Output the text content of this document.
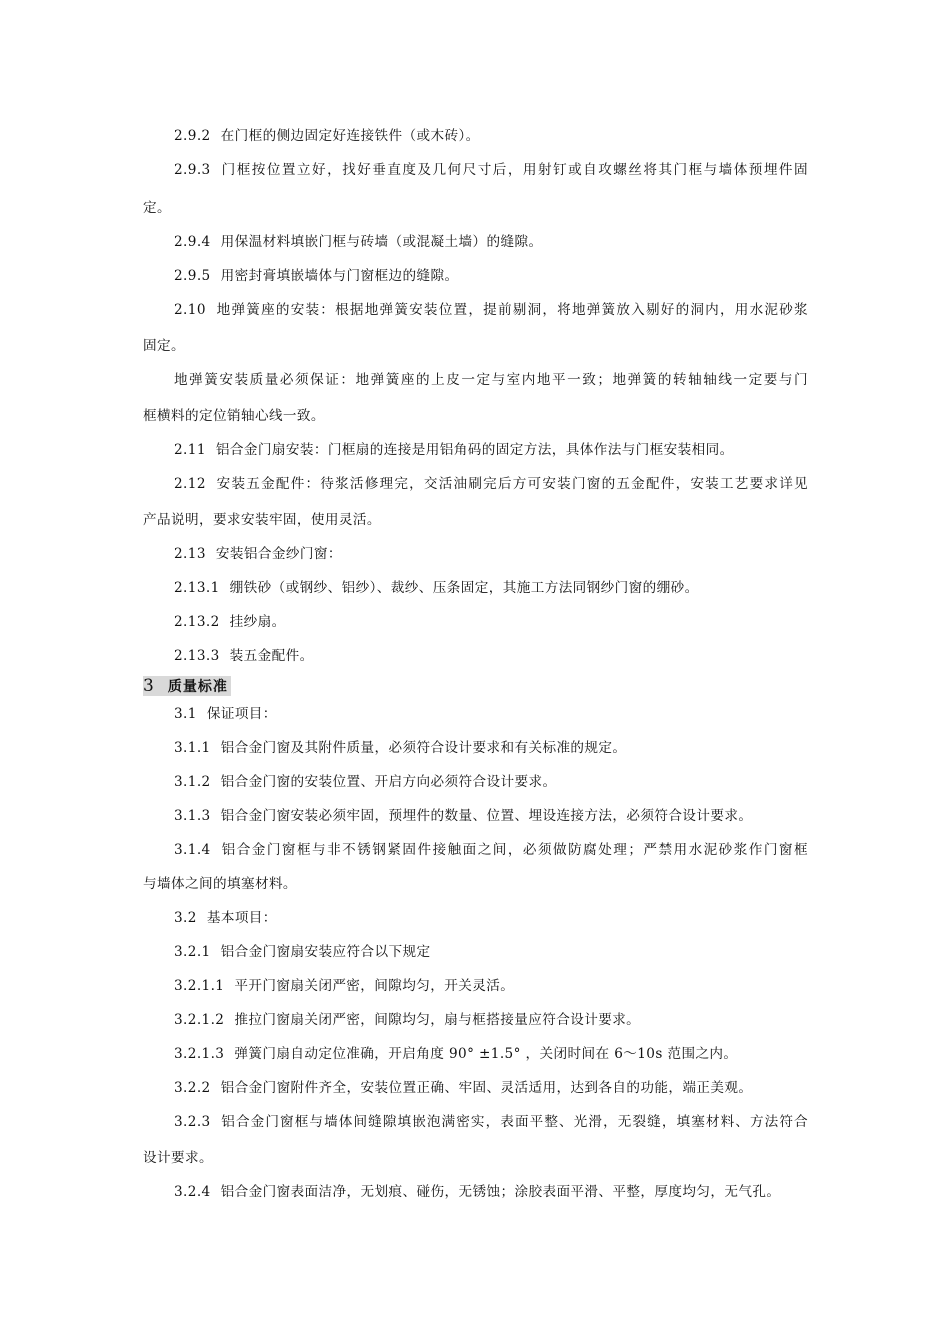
2.9.2 在门框的侧边固定好连接铁件（或木砖）。
2.9.3 门框按位置立好，找好垂直度及几何尺寸后，用射钉或自攻螺丝将其门框与墙体预埋件固
定。
2.9.4 用保温材料填嵌门框与砖墙（或混凝土墙）的缝隙。
2.9.5 用密封膏填嵌墙体与门窗框边的缝隙。
2.10 地弹簧座的安装：根据地弹簧安装位置，提前剔洞，将地弹簧放入剔好的洞内，用水泥砂浆
固定。
地弹簧安装质量必须保证：地弹簧座的上皮一定与室内地平一致；地弹簧的转轴轴线一定要与门
框横料的定位销轴心线一致。
2.11 铝合金门扇安装：门框扇的连接是用铝角码的固定方法，具体作法与门框安装相同。
2.12 安装五金配件：待浆活修理完，交活油刷完后方可安装门窗的五金配件，安装工艺要求详见
产品说明，要求安装牢固，使用灵活。
2.13 安装铝合金纱门窗：
2.13.1 绷铁砂（或钢纱、铝纱）、裁纱、压条固定，其施工方法同钢纱门窗的绷砂。
2.13.2 挂纱扇。
2.13.3 装五金配件。
3 质量标准
3.1 保证项目：
3.1.1 铝合金门窗及其附件质量，必须符合设计要求和有关标准的规定。
3.1.2 铝合金门窗的安装位置、开启方向必须符合设计要求。
3.1.3 铝合金门窗安装必须牢固，预埋件的数量、位置、埋设连接方法，必须符合设计要求。
3.1.4 铝合金门窗框与非不锈钢紧固件接触面之间，必须做防腐处理；严禁用水泥砂浆作门窗框
与墙体之间的填塞材料。
3.2 基本项目：
3.2.1 铝合金门窗扇安装应符合以下规定
3.2.1.1 平开门窗扇关闭严密，间隙均匀，开关灵活。
3.2.1.2 推拉门窗扇关闭严密，间隙均匀，扇与框搭接量应符合设计要求。
3.2.1.3 弹簧门扇自动定位准确，开启角度 90° ±1.5° ，关闭时间在 6～10s 范围之内。
3.2.2 铝合金门窗附件齐全，安装位置正确、牢固、灵活适用，达到各自的功能，端正美观。
3.2.3 铝合金门窗框与墙体间缝隙填嵌泡满密实，表面平整、光滑，无裂缝，填塞材料、方法符合
设计要求。
3.2.4 铝合金门窗表面洁净，无划痕、碰伤，无锈蚀；涂胶表面平滑、平整，厚度均匀，无气孔。
